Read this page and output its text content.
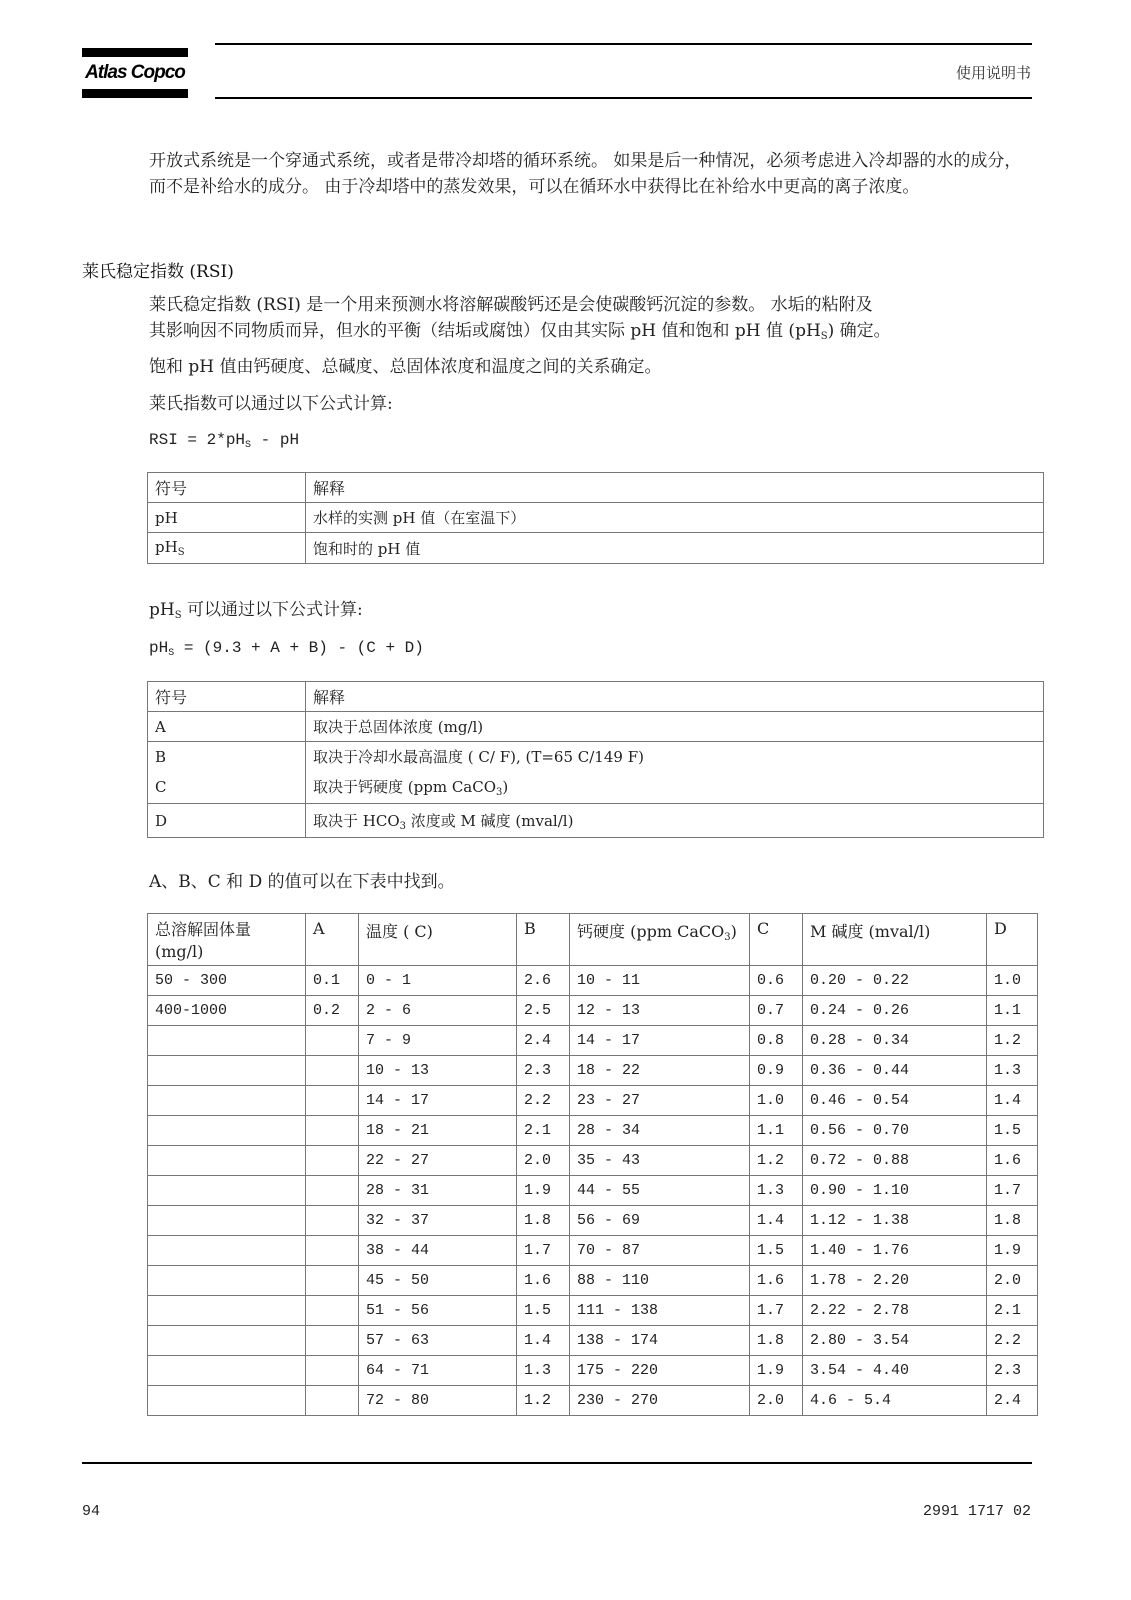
Atlas Copco	使用说明书

开放式系统是一个穿通式系统，或者是带冷却塔的循环系统。 如果是后一种情况，必须考虑进入冷却器的水的成分，而不是补给水的成分。 由于冷却塔中的蒸发效果，可以在循环水中获得比在补给水中更高的离子浓度。

莱氏稳定指数 (RSI)

莱氏稳定指数 (RSI) 是一个用来预测水将溶解碳酸钙还是会使碳酸钙沉淀的参数。 水垢的粘附及
其影响因不同物质而异，但水的平衡（结垢或腐蚀）仅由其实际 pH 值和饱和 pH 值 $(pH_S)$ 确定。

饱和 pH 值由钙硬度、总碱度、总固体浓度和温度之间的关系确定。

莱氏指数可以通过以下公式计算:

RSI = $2*pH_S$ - pH

符号	解释
pH	水样的实测 pH 值（在室温下）
$pH_S$	饱和时的 pH 值

$pH_S$ 可以通过以下公式计算:

$pH_S = (9.3 + A + B) - (C + D)$

符号	解释
A	取决于总固体浓度 (mg/l)
B	取决于冷却水最高温度 ( C/ F), (T=65 C/149 F)
C	取决于钙硬度 (ppm CaCO$_3$)
D	取决于 $HCO_3$ 浓度或 M 碱度 (mval/l)

A、B、C 和 D 的值可以在下表中找到。

总溶解固体量 (mg/l)	A	温度 ( C)	B	钙硬度 (ppm CaCO$_3$)	C	M 碱度 (mval/l)	D
50 - 300	0.1	0 - 1	2.6	10 - 11	0.6	0.20 - 0.22	1.0
400-1000	0.2	2 - 6	2.5	12 - 13	0.7	0.24 - 0.26	1.1
		7 - 9	2.4	14 - 17	0.8	0.28 - 0.34	1.2
		10 - 13	2.3	18 - 22	0.9	0.36 - 0.44	1.3
		14 - 17	2.2	23 - 27	1.0	0.46 - 0.54	1.4
		18 - 21	2.1	28 - 34	1.1	0.56 - 0.70	1.5
		22 - 27	2.0	35 - 43	1.2	0.72 - 0.88	1.6
		28 - 31	1.9	44 - 55	1.3	0.90 - 1.10	1.7
		32 - 37	1.8	56 - 69	1.4	1.12 - 1.38	1.8
		38 - 44	1.7	70 - 87	1.5	1.40 - 1.76	1.9
		45 - 50	1.6	88 - 110	1.6	1.78 - 2.20	2.0
		51 - 56	1.5	111 - 138	1.7	2.22 - 2.78	2.1
		57 - 63	1.4	138 - 174	1.8	2.80 - 3.54	2.2
		64 - 71	1.3	175 - 220	1.9	3.54 - 4.40	2.3
		72 - 80	1.2	230 - 270	2.0	4.6 - 5.4	2.4
94	2991 1717 02
